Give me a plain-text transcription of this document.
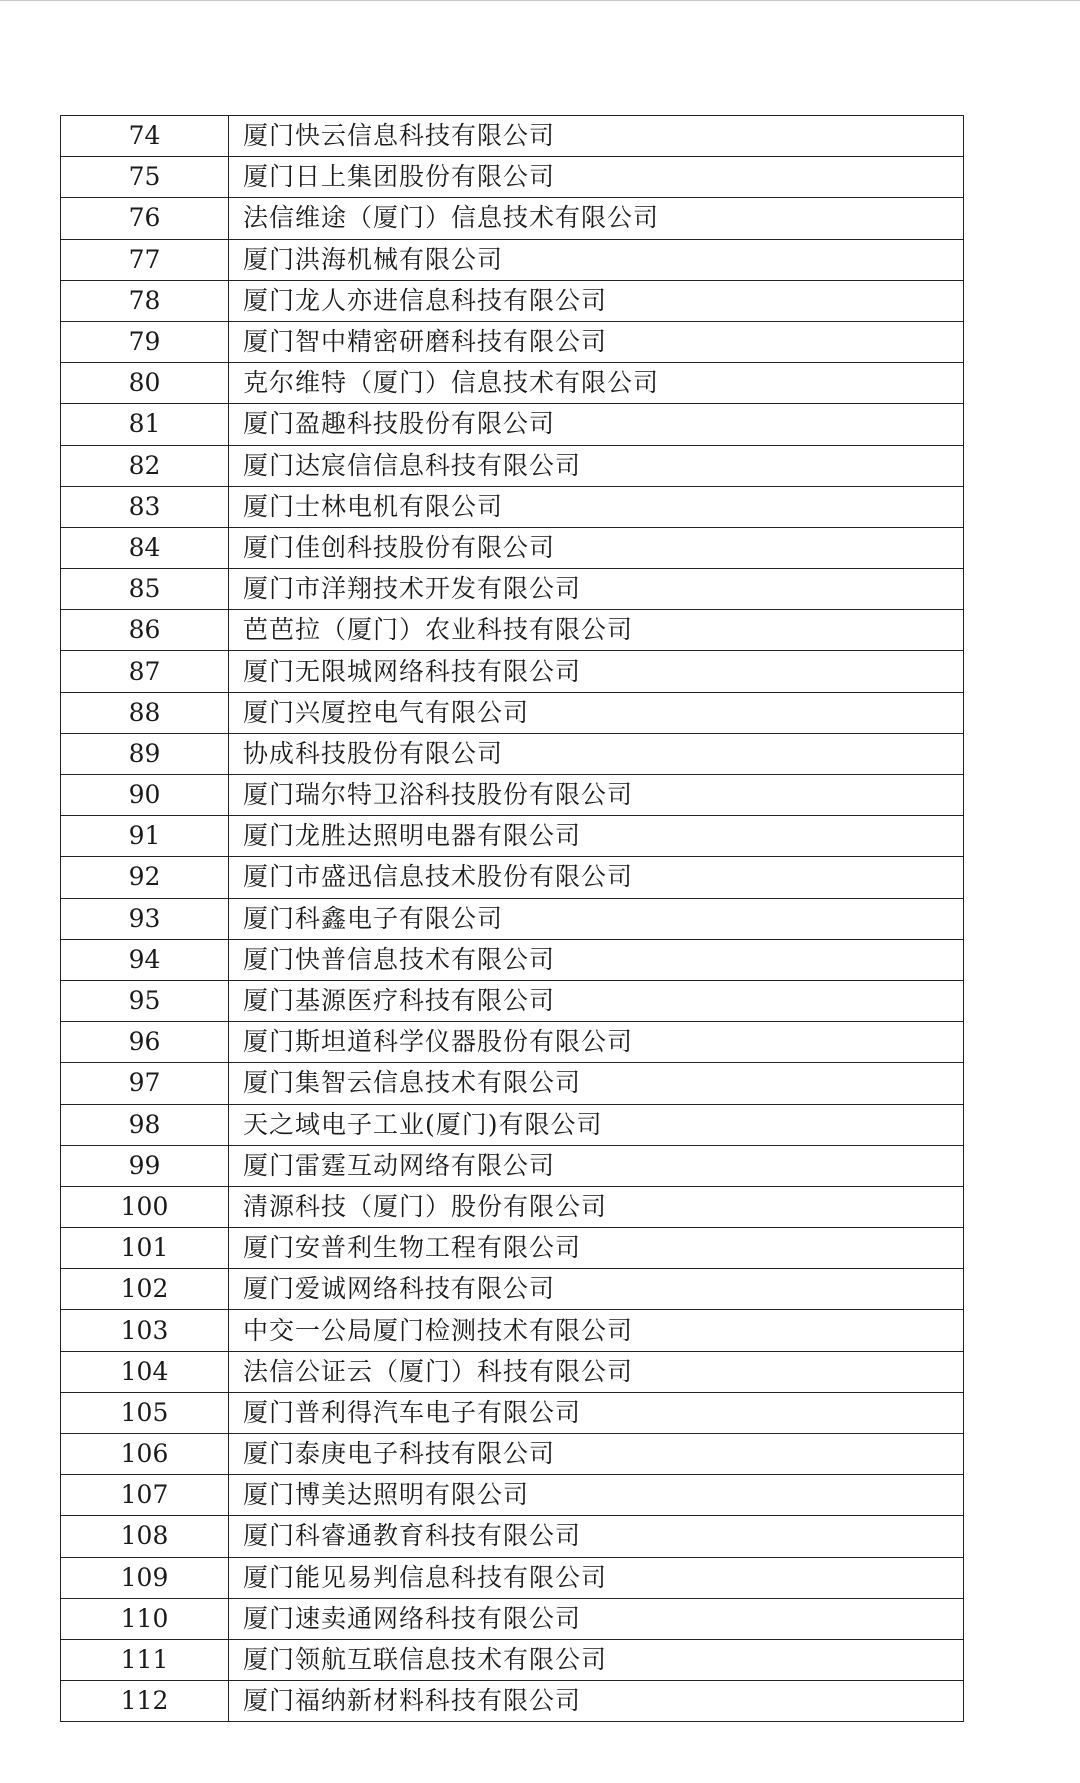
74	厦门快云信息科技有限公司
75	厦门日上集团股份有限公司
76	法信维途（厦门）信息技术有限公司
77	厦门洪海机械有限公司
78	厦门龙人亦进信息科技有限公司
79	厦门智中精密研磨科技有限公司
80	克尔维特（厦门）信息技术有限公司
81	厦门盈趣科技股份有限公司
82	厦门达宸信信息科技有限公司
83	厦门士林电机有限公司
84	厦门佳创科技股份有限公司
85	厦门市洋翔技术开发有限公司
86	芭芭拉（厦门）农业科技有限公司
87	厦门无限城网络科技有限公司
88	厦门兴厦控电气有限公司
89	协成科技股份有限公司
90	厦门瑞尔特卫浴科技股份有限公司
91	厦门龙胜达照明电器有限公司
92	厦门市盛迅信息技术股份有限公司
93	厦门科鑫电子有限公司
94	厦门快普信息技术有限公司
95	厦门基源医疗科技有限公司
96	厦门斯坦道科学仪器股份有限公司
97	厦门集智云信息技术有限公司
98	天之域电子工业(厦门)有限公司
99	厦门雷霆互动网络有限公司
100	清源科技（厦门）股份有限公司
101	厦门安普利生物工程有限公司
102	厦门爱诚网络科技有限公司
103	中交一公局厦门检测技术有限公司
104	法信公证云（厦门）科技有限公司
105	厦门普利得汽车电子有限公司
106	厦门泰庚电子科技有限公司
107	厦门博美达照明有限公司
108	厦门科睿通教育科技有限公司
109	厦门能见易判信息科技有限公司
110	厦门速卖通网络科技有限公司
111	厦门领航互联信息技术有限公司
112	厦门福纳新材料科技有限公司
